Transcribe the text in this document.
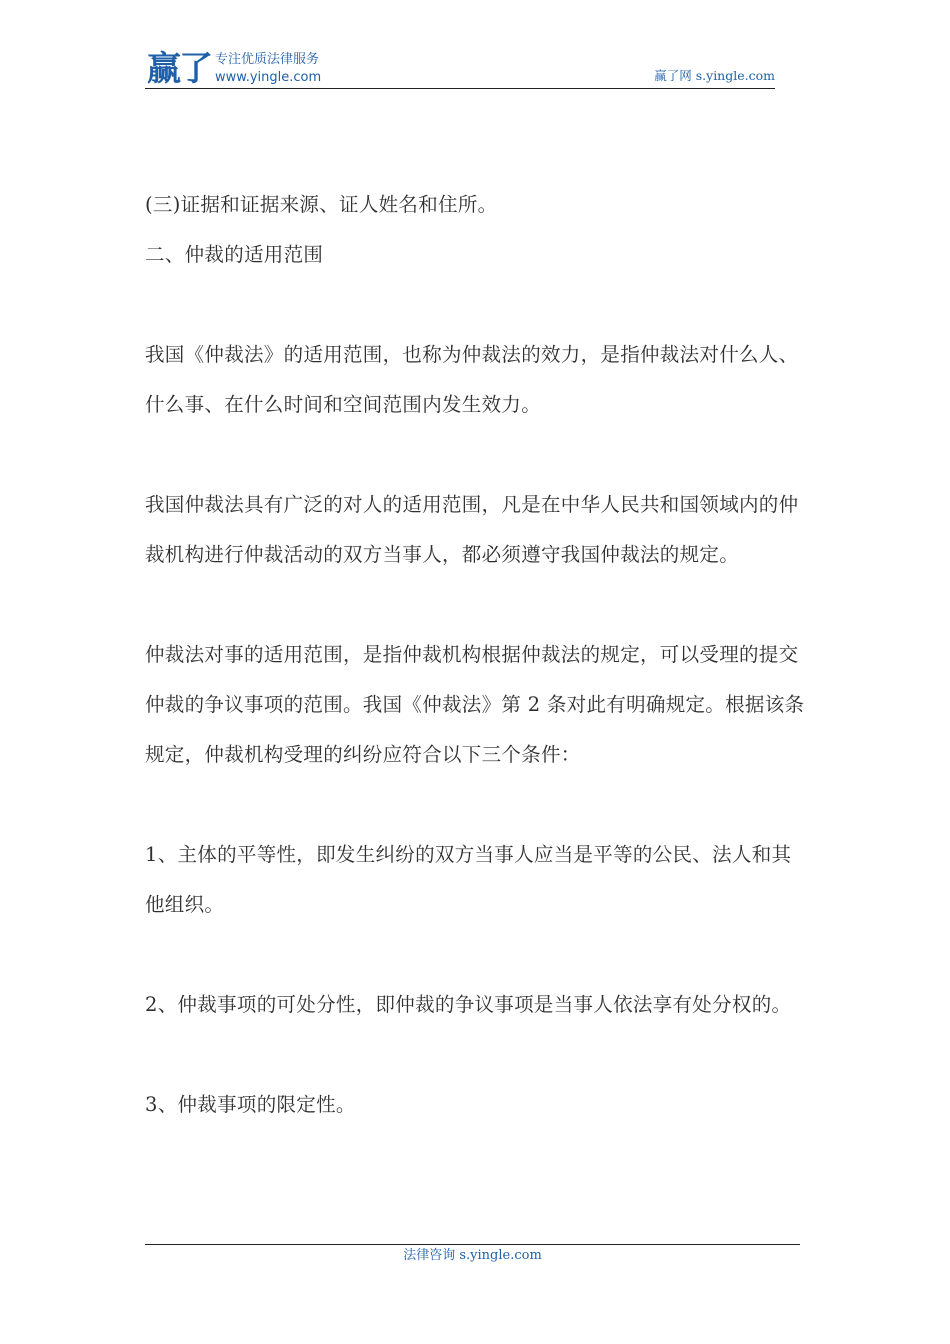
赢了 专注优质法律服务
www.yingle.com	赢了网 s.yingle.com

(三)证据和证据来源、证人姓名和住所。

二、仲裁的适用范围

我国《仲裁法》的适用范围，也称为仲裁法的效力，是指仲裁法对什么人、什么事、在什么时间和空间范围内发生效力。

我国仲裁法具有广泛的对人的适用范围，凡是在中华人民共和国领域内的仲裁机构进行仲裁活动的双方当事人，都必须遵守我国仲裁法的规定。

仲裁法对事的适用范围，是指仲裁机构根据仲裁法的规定，可以受理的提交仲裁的争议事项的范围。我国《仲裁法》第 2 条对此有明确规定。根据该条规定，仲裁机构受理的纠纷应符合以下三个条件：

1、主体的平等性，即发生纠纷的双方当事人应当是平等的公民、法人和其他组织。

2、仲裁事项的可处分性，即仲裁的争议事项是当事人依法享有处分权的。

3、仲裁事项的限定性。

法律咨询 s.yingle.com
